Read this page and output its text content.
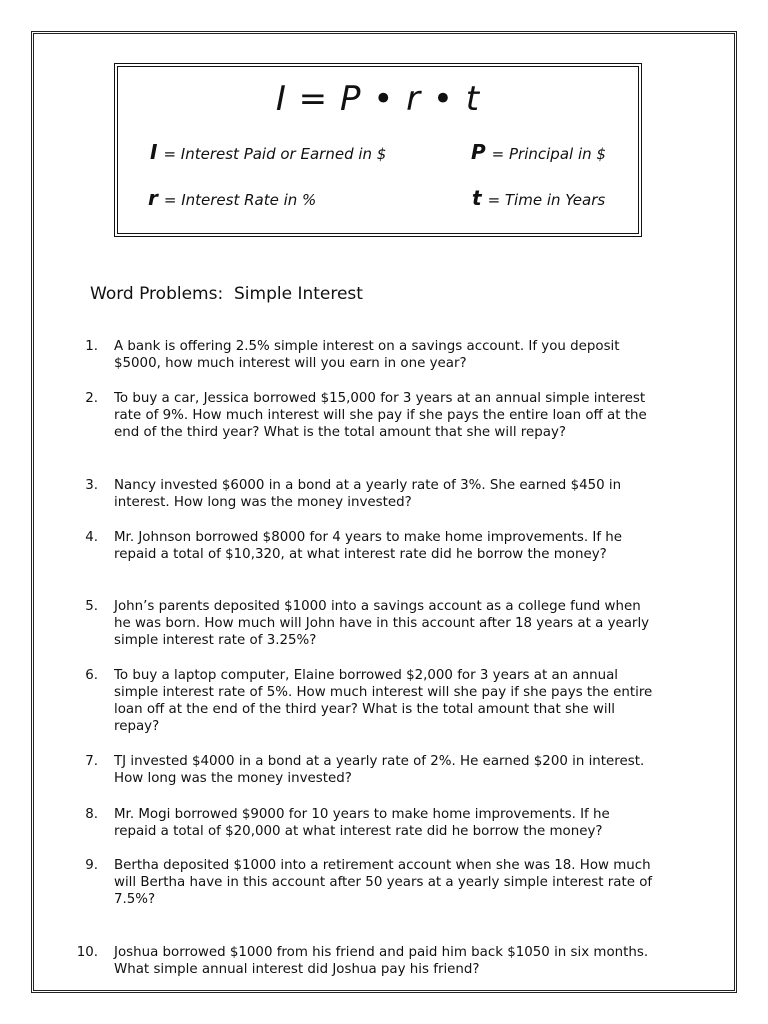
I = P • r • t
I = Interest Paid or Earned in $	P = Principal in $
r = Interest Rate in %	t = Time in Years
Word Problems:  Simple Interest
1. A bank is offering 2.5% simple interest on a savings account. If you deposit
$5000, how much interest will you earn in one year?
2. To buy a car, Jessica borrowed $15,000 for 3 years at an annual simple interest
rate of 9%. How much interest will she pay if she pays the entire loan off at the
end of the third year? What is the total amount that she will repay?
3. Nancy invested $6000 in a bond at a yearly rate of 3%. She earned $450 in
interest. How long was the money invested?
4. Mr. Johnson borrowed $8000 for 4 years to make home improvements. If he
repaid a total of $10,320, at what interest rate did he borrow the money?
5. John’s parents deposited $1000 into a savings account as a college fund when
he was born. How much will John have in this account after 18 years at a yearly
simple interest rate of 3.25%?
6. To buy a laptop computer, Elaine borrowed $2,000 for 3 years at an annual
simple interest rate of 5%. How much interest will she pay if she pays the entire
loan off at the end of the third year? What is the total amount that she will
repay?
7. TJ invested $4000 in a bond at a yearly rate of 2%. He earned $200 in interest.
How long was the money invested?
8. Mr. Mogi borrowed $9000 for 10 years to make home improvements. If he
repaid a total of $20,000 at what interest rate did he borrow the money?
9. Bertha deposited $1000 into a retirement account when she was 18. How much
will Bertha have in this account after 50 years at a yearly simple interest rate of
7.5%?
10. Joshua borrowed $1000 from his friend and paid him back $1050 in six months.
What simple annual interest did Joshua pay his friend?
